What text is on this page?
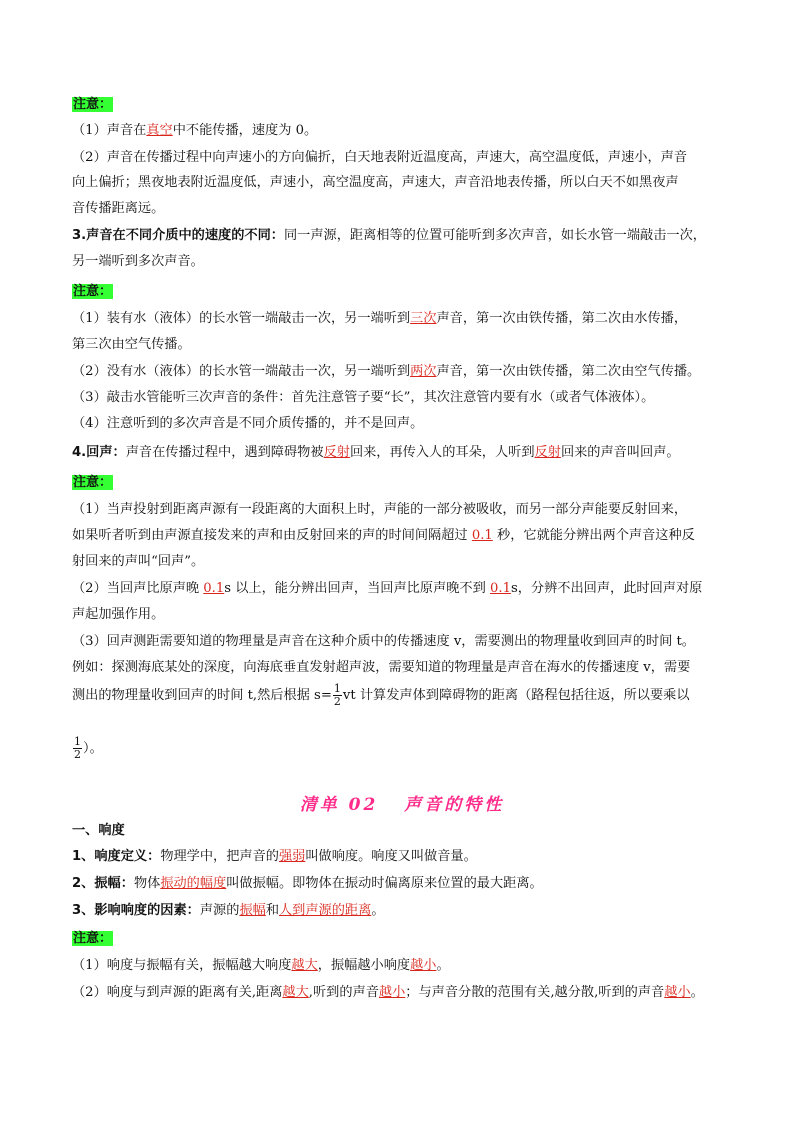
注意：
（1）声音在真空中不能传播，速度为 0。
（2）声音在传播过程中向声速小的方向偏折，白天地表附近温度高，声速大，高空温度低，声速小，声音
向上偏折；黑夜地表附近温度低，声速小，高空温度高，声速大，声音沿地表传播，所以白天不如黑夜声
音传播距离远。
3.声音在不同介质中的速度的不同：同一声源，距离相等的位置可能听到多次声音，如长水管一端敲击一次，
另一端听到多次声音。
注意：
（1）装有水（液体）的长水管一端敲击一次，另一端听到三次声音，第一次由铁传播，第二次由水传播，
第三次由空气传播。
（2）没有水（液体）的长水管一端敲击一次，另一端听到两次声音，第一次由铁传播，第二次由空气传播。
（3）敲击水管能听三次声音的条件：首先注意管子要“长”，其次注意管内要有水（或者气体液体）。
（4）注意听到的多次声音是不同介质传播的，并不是回声。
4.回声：声音在传播过程中，遇到障碍物被反射回来，再传入人的耳朵，人听到反射回来的声音叫回声。
注意：
（1）当声投射到距离声源有一段距离的大面积上时，声能的一部分被吸收，而另一部分声能要反射回来，
如果听者听到由声源直接发来的声和由反射回来的声的时间间隔超过 0.1 秒，它就能分辨出两个声音这种反
射回来的声叫“回声”。
（2）当回声比原声晚 0.1s 以上，能分辨出回声，当回声比原声晚不到 0.1s，分辨不出回声，此时回声对原
声起加强作用。
（3）回声测距需要知道的物理量是声音在这种介质中的传播速度 v，需要测出的物理量收到回声的时间 t。
例如：探测海底某处的深度，向海底垂直发射超声波，需要知道的物理量是声音在海水的传播速度 v，需要
测出的物理量收到回声的时间 t,然后根据 $s= \frac{1}{2}$ vt 计算发声体到障碍物的距离（路程包括往返，所以要乘以
$\frac{1}{2}$ ）。
清单 02 声音的特性
一、响度
1、响度定义：物理学中，把声音的强弱叫做响度。响度又叫做音量。
2、振幅：物体振动的幅度叫做振幅。即物体在振动时偏离原来位置的最大距离。
3、影响响度的因素：声源的振幅和人到声源的距离。
注意：
（1）响度与振幅有关，振幅越大响度越大，振幅越小响度越小。
（2）响度与到声源的距离有关,距离越大,听到的声音越小；与声音分散的范围有关,越分散,听到的声音越小。
